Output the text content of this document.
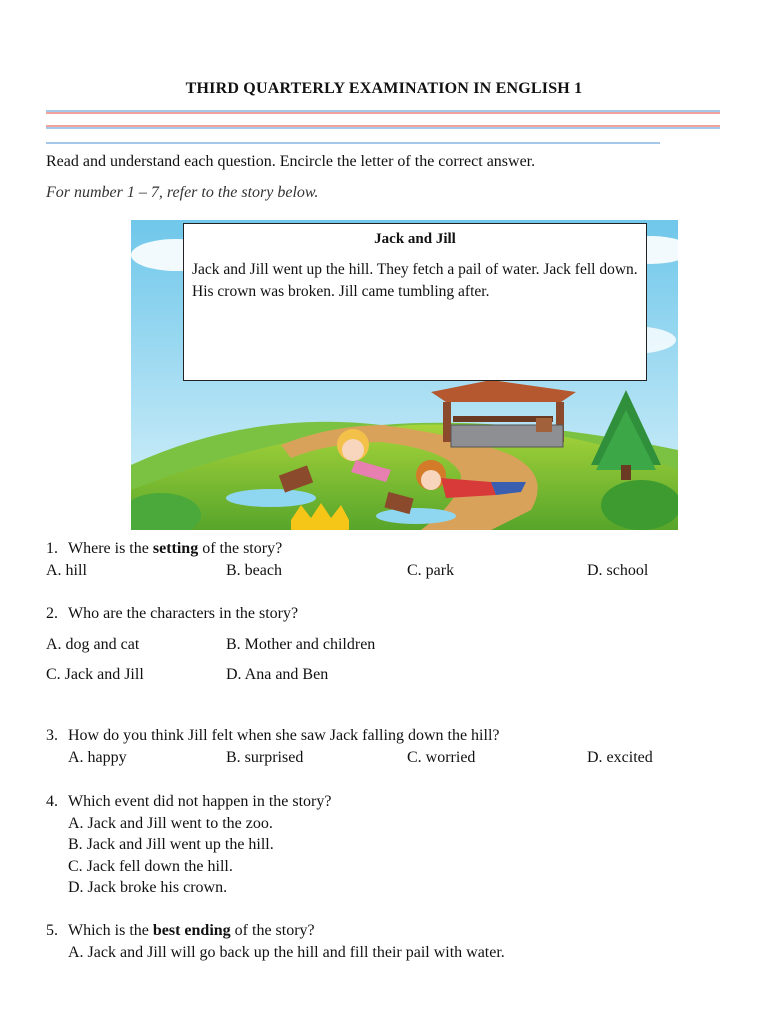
THIRD QUARTERLY EXAMINATION IN ENGLISH 1
Read and understand each question. Encircle the letter of the correct answer.
For number 1 – 7, refer to the story below.
Jack and Jill
Jack and Jill went up the hill. They fetch a pail of water. Jack fell down. His crown was broken. Jill came tumbling after.
1. Where is the setting of the story?
A. hill	B. beach	C. park	D. school
2. Who are the characters in the story?
A. dog and cat	B. Mother and children
C. Jack and Jill	D. Ana and Ben
3. How do you think Jill felt when she saw Jack falling down the hill?
A. happy	B. surprised	C. worried	D. excited
4. Which event did not happen in the story?
A. Jack and Jill went to the zoo.
B. Jack and Jill went up the hill.
C. Jack fell down the hill.
D. Jack broke his crown.
5. Which is the best ending of the story?
A. Jack and Jill will go back up the hill and fill their pail with water.
